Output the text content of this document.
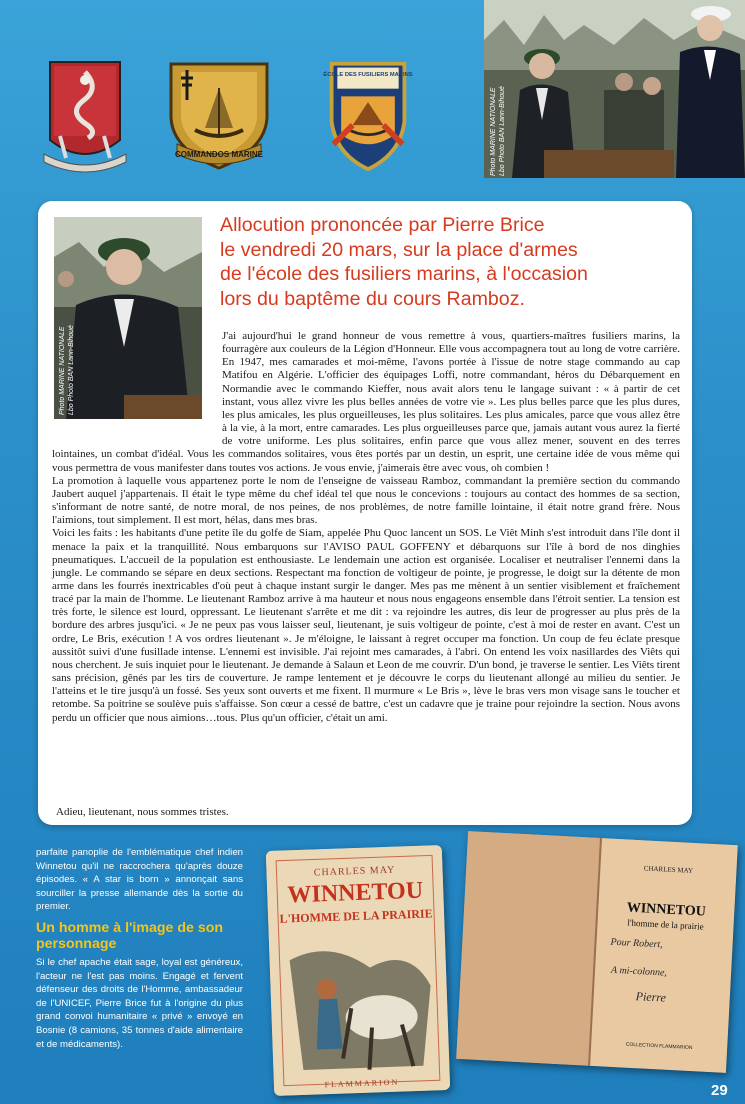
COMMANDOS MARINE
ÉCOLE DES FUSILIERS MARINS
Photo MARINE NATIONALE Lbo Photo BAN Lann-Bihoué
Photo MARINE NATIONALE Lbo Photo BAN Lann-Bihoué
Allocution prononcée par Pierre Brice
le vendredi 20 mars, sur la place d'armes
de l'école des fusiliers marins, à l'occasion
lors du baptême du cours Ramboz.

J'ai aujourd'hui le grand honneur de vous remettre à vous, quartiers-maîtres fusiliers marins, la fourragère aux couleurs de la Légion d'Honneur. Elle vous accompagnera tout au long de votre carrière. En 1947, mes camarades et moi-même, l'avons portée à l'issue de notre stage commando au cap Matifou en Algérie. L'officier des équipages Loffi, notre commandant, héros du Débarquement en Normandie avec le commando Kieffer, nous avait alors tenu le langage suivant : « à partir de cet instant, vous allez vivre les plus belles années de votre vie ». Les plus belles parce que les plus dures, les plus amicales, les plus orgueilleuses, les plus solitaires. Les plus amicales, parce que vous allez être à la vie, à la mort, entre camarades. Les plus orgueilleuses parce que, jamais autant vous aurez la fierté de votre uniforme. Les plus solitaires, enfin parce que vous allez mener, souvent en des terres lointaines, un combat d'idéal. Vous les commandos solitaires, vous êtes portés par un destin, un esprit, une certaine idée de vous même qui vous permettra de vous manifester dans toutes vos actions. Je vous envie, j'aimerais être avec vous, oh combien !

La promotion à laquelle vous appartenez porte le nom de l'enseigne de vaisseau Ramboz, commandant la première section du commando Jaubert auquel j'appartenais. Il était le type même du chef idéal tel que nous le concevions : toujours au contact des hommes de sa section, s'informant de notre santé, de notre moral, de nos peines, de nos problèmes, de notre famille lointaine, il était notre grand frère. Nous l'aimions, tout simplement. Il est mort, hélas, dans mes bras.

Voici les faits : les habitants d'une petite île du golfe de Siam, appelée Phu Quoc lancent un SOS. Le Viêt Minh s'est introduit dans l'île dont il menace la paix et la tranquillité. Nous embarquons sur l'AVISO PAUL GOFFENY et débarquons sur l'île à bord de nos dinghies pneumatiques. L'accueil de la population est enthousiaste. Le lendemain une action est organisée. Localiser et neutraliser l'ennemi dans la jungle. Le commando se sépare en deux sections. Respectant ma fonction de voltigeur de pointe, je progresse, le doigt sur la détente de mon arme dans les fourrés inextricables d'où peut à chaque instant surgir le danger. Mes pas me mènent à un sentier visiblement et fraîchement tracé par la main de l'homme. Le lieutenant Ramboz arrive à ma hauteur et nous nous engageons ensemble dans l'étroit sentier. La tension est très forte, le silence est lourd, oppressant. Le lieutenant s'arrête et me dit : va rejoindre les autres, dis leur de progresser au plus près de la bordure des arbres jusqu'ici. « Je ne peux pas vous laisser seul, lieutenant, je suis voltigeur de pointe, c'est à moi de rester en avant. C'est un ordre, Le Bris, exécution ! A vos ordres lieutenant ». Je m'éloigne, le laissant à regret occuper ma fonction. Un coup de feu éclate presque aussitôt suivi d'une fusillade intense. L'ennemi est invisible. J'ai rejoint mes camarades, à l'abri. On entend les voix nasillardes des Viêts qui nous cherchent. Je suis inquiet pour le lieutenant. Je demande à Salaun et Leon de me couvrir. D'un bond, je traverse le sentier. Les Viêts tirent sans précision, gênés par les tirs de couverture. Je rampe lentement et je découvre le corps du lieutenant allongé au milieu du sentier. Je l'atteins et le tire jusqu'à un fossé. Ses yeux sont ouverts et me fixent. Il murmure « Le Bris », lève le bras vers mon visage sans le toucher et retombe. Sa poitrine se soulève puis s'affaisse. Son cœur a cessé de battre, c'est un cadavre que je traine pour rejoindre la section. Nous avons perdu un officier que nous aimions…tous. Plus qu'un officier, c'était un ami.

Adieu, lieutenant, nous sommes tristes.

parfaite panoplie de l'emblématique chef indien Winnetou qu'il ne raccrochera qu'après douze épisodes. « A star is born » annonçait sans sourciller la presse allemande dès la sortie du premier.

Un homme à l'image de son personnage

Si le chef apache était sage, loyal est généreux, l'acteur ne l'est pas moins. Engagé et fervent défenseur des droits de l'Homme, ambassadeur de l'UNICEF, Pierre Brice fut à l'origine du plus grand convoi humanitaire « privé » envoyé en Bosnie (8 camions, 35 tonnes d'aide alimentaire et de médicaments).

CHARLES MAY
WINNETOU
L'HOMME DE LA PRAIRIE
FLAMMARION
CHARLES MAY
WINNETOU
l'homme de la prairie
Pour Robert,
A mi-colonne,
Pierre
COLLECTION FLAMMARION
29
